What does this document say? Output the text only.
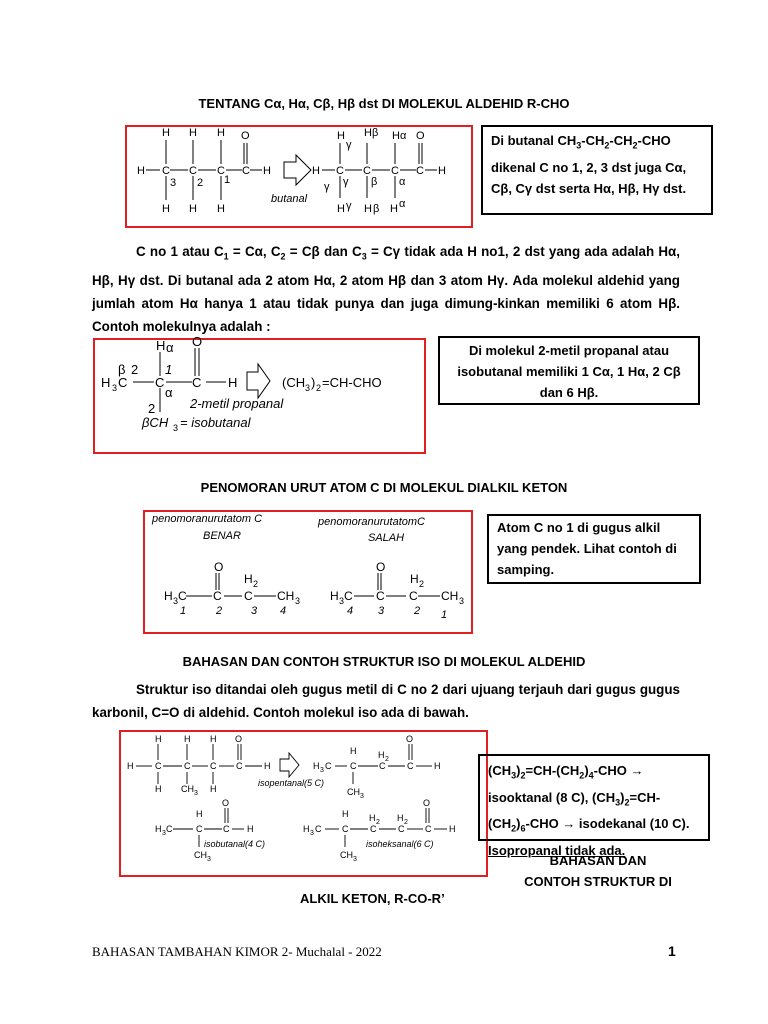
TENTANG Cα, Hα, Cβ, Hβ dst DI MOLEKUL ALDEHID R-CHO
H H H O
H C C C C H
H H H
3 2 1
butanal
H
γ
H β H α O
H C C C C H
γ
γ	β α
H γ H β H α
Di butanal $CH_3-CH_2-CH_2$-CHO dikenal C no 1, 2, 3 dst juga Cα, Cβ, Cγ dst serta Hα, Hβ, Hγ dst.
C no 1 atau $C_1 = C\alpha$, $C_2 = C\beta$ dan $C_3 = C\gamma$ tidak ada H no1, 2 dst yang ada adalah Hα, Hβ, Hγ dst. Di butanal ada 2 atom Hα, 2 atom Hβ dan 3 atom Hγ. Ada molekul aldehid yang jumlah atom Hα hanya 1 atau tidak punya dan juga dimung-kinkan memiliki 6 atom Hβ. Contoh molekulnya adalah :
H α O
β 2 1
H 3 C C C H
α
2
(CH 3 ) 2 =CH-CHO
2-metil propanal
βCH 3 = isobutanal
Di molekul 2-metil propanal atau isobutanal memiliki 1 Cα, 1 Hα, 2 Cβ dan 6 Hβ.
PENOMORAN URUT ATOM C DI MOLEKUL DIALKIL KETON
penomoranurutatom C
BENAR
penomoranurutatomC
SALAH
O
H 2
H 3 C C C CH 3
1	2	3 4
O
H 2
H 3 C C C CH 3
4 3	2 1
Atom C no 1 di gugus alkil yang pendek. Lihat contoh di samping.
BAHASAN DAN CONTOH STRUKTUR ISO DI MOLEKUL ALDEHID
Struktur iso ditandai oleh gugus metil di C no 2 dari ujuang terjauh dari gugus gugus karbonil, C=O di aldehid. Contoh molekul iso ada di bawah.
H	H H O
H C	C C C H
H CH 3 H
isopentanal(5 C)
H 3 C C	C C H
H H 2
O
CH 3
H 3 C	C C H
H
O
CH 3
isobutanal(4 C)
H 3 C C C C C H
H H 2 H 2
O
CH 3
isoheksanal(6 C)
$(CH_3)_2=CH-(CH_2)_4$-CHO → isooktanal (8 C), $(CH_3)_2=CH-(CH_2)_6$-CHO → isodekanal (10 C). Isopropanal tidak ada.
BAHASAN DAN
CONTOH STRUKTUR DI
ALKIL KETON, R-CO-R’
BAHASAN TAMBAHAN KIMOR 2- Muchalal - 2022	1
